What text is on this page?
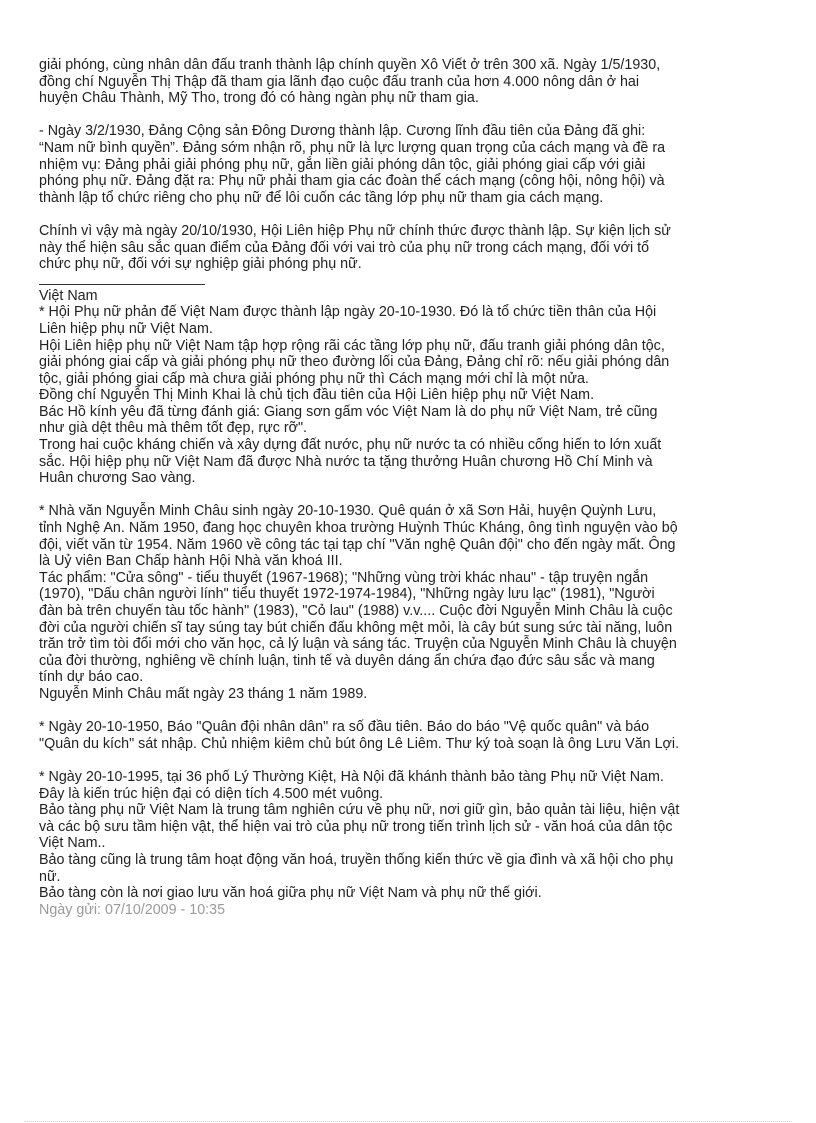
giải phóng, cùng nhân dân đấu tranh thành lập chính quyền Xô Viết ở trên 300 xã. Ngày 1/5/1930,
đồng chí Nguyễn Thị Thập đã tham gia lãnh đạo cuộc đấu tranh của hơn 4.000 nông dân ở hai
huyện Châu Thành, Mỹ Tho, trong đó có hàng ngàn phụ nữ tham gia.
- Ngày 3/2/1930, Đảng Cộng sản Đông Dương thành lập. Cương lĩnh đầu tiên của Đảng đã ghi:
“Nam nữ bình quyền”. Đảng sớm nhận rõ, phụ nữ là lực lượng quan trọng của cách mạng và đề ra
nhiệm vụ: Đảng phải giải phóng phụ nữ, gắn liền giải phóng dân tộc, giải phóng giai cấp với giải
phóng phụ nữ. Đảng đặt ra: Phụ nữ phải tham gia các đoàn thể cách mạng (công hội, nông hội) và
thành lập tổ chức riêng cho phụ nữ để lôi cuốn các tầng lớp phụ nữ tham gia cách mạng.
Chính vì vậy mà ngày 20/10/1930, Hội Liên hiệp Phụ nữ chính thức được thành lập. Sự kiện lịch sử
này thể hiện sâu sắc quan điểm của Đảng đối với vai trò của phụ nữ trong cách mạng, đối với tổ
chức phụ nữ, đối với sự nghiệp giải phóng phụ nữ.
Việt Nam
* Hội Phụ nữ phản đế Việt Nam được thành lập ngày 20-10-1930. Đó là tổ chức tiền thân của Hội
Liên hiệp phụ nữ Việt Nam.
Hội Liên hiệp phụ nữ Việt Nam tập hợp rộng rãi các tầng lớp phụ nữ, đấu tranh giải phóng dân tộc,
giải phóng giai cấp và giải phóng phụ nữ theo đường lối của Đảng, Đảng chỉ rõ: nếu giải phóng dân
tộc, giải phóng giai cấp mà chưa giải phóng phụ nữ thì Cách mạng mới chỉ là một nửa.
Đồng chí Nguyễn Thị Minh Khai là chủ tịch đầu tiên của Hội Liên hiệp phụ nữ Việt Nam.
Bác Hồ kính yêu đã từng đánh giá: Giang sơn gấm vóc Việt Nam là do phụ nữ Việt Nam, trẻ cũng
như già dệt thêu mà thêm tốt đẹp, rực rỡ".
Trong hai cuộc kháng chiến và xây dựng đất nước, phụ nữ nước ta có nhiều cống hiến to lớn xuất
sắc. Hội hiệp phụ nữ Việt Nam đã được Nhà nước ta tặng thưởng Huân chương Hồ Chí Minh và
Huân chương Sao vàng.
* Nhà văn Nguyễn Minh Châu sinh ngày 20-10-1930. Quê quán ở xã Sơn Hải, huyện Quỳnh Lưu,
tỉnh Nghệ An. Năm 1950, đang học chuyên khoa trường Huỳnh Thúc Kháng, ông tình nguyện vào bộ
đội, viết văn từ 1954. Năm 1960 về công tác tại tạp chí "Văn nghệ Quân đội" cho đến ngày mất. Ông
là Uỷ viên Ban Chấp hành Hội Nhà văn khoá III.
Tác phẩm: "Cửa sông" - tiểu thuyết (1967-1968); "Những vùng trời khác nhau" - tập truyện ngắn
(1970), "Dấu chân người lính" tiểu thuyết 1972-1974-1984), "Những ngày lưu lạc" (1981), "Người
đàn bà trên chuyến tàu tốc hành" (1983), "Cỏ lau" (1988) v.v.... Cuộc đời Nguyễn Minh Châu là cuộc
đời của người chiến sĩ tay súng tay bút chiến đấu không mệt mỏi, là cây bút sung sức tài năng, luôn
trăn trở tìm tòi đổi mới cho văn học, cả lý luận và sáng tác. Truyện của Nguyễn Minh Châu là chuyện
của đời thường, nghiêng về chính luận, tinh tế và duyên dáng ẩn chứa đạo đức sâu sắc và mang
tính dự báo cao.
Nguyễn Minh Châu mất ngày 23 tháng 1 năm 1989.
* Ngày 20-10-1950, Báo "Quân đội nhân dân" ra số đầu tiên. Báo do báo "Vệ quốc quân" và báo
"Quân du kích" sát nhập. Chủ nhiệm kiêm chủ bút ông Lê Liêm. Thư ký toà soạn là ông Lưu Văn Lợi.
* Ngày 20-10-1995, tại 36 phố Lý Thường Kiệt, Hà Nội đã khánh thành bảo tàng Phụ nữ Việt Nam.
Đây là kiến trúc hiện đại có diện tích 4.500 mét vuông.
Bảo tàng phụ nữ Việt Nam là trung tâm nghiên cứu về phụ nữ, nơi giữ gìn, bảo quản tài liệu, hiện vật
và các bộ sưu tầm hiện vật, thể hiện vai trò của phụ nữ trong tiến trình lịch sử - văn hoá của dân tộc
Việt Nam..
Bảo tàng cũng là trung tâm hoạt động văn hoá, truyền thống kiến thức về gia đình và xã hội cho phụ
nữ.
Bảo tàng còn là nơi giao lưu văn hoá giữa phụ nữ Việt Nam và phụ nữ thế giới.
Ngày gửi: 07/10/2009 - 10:35
